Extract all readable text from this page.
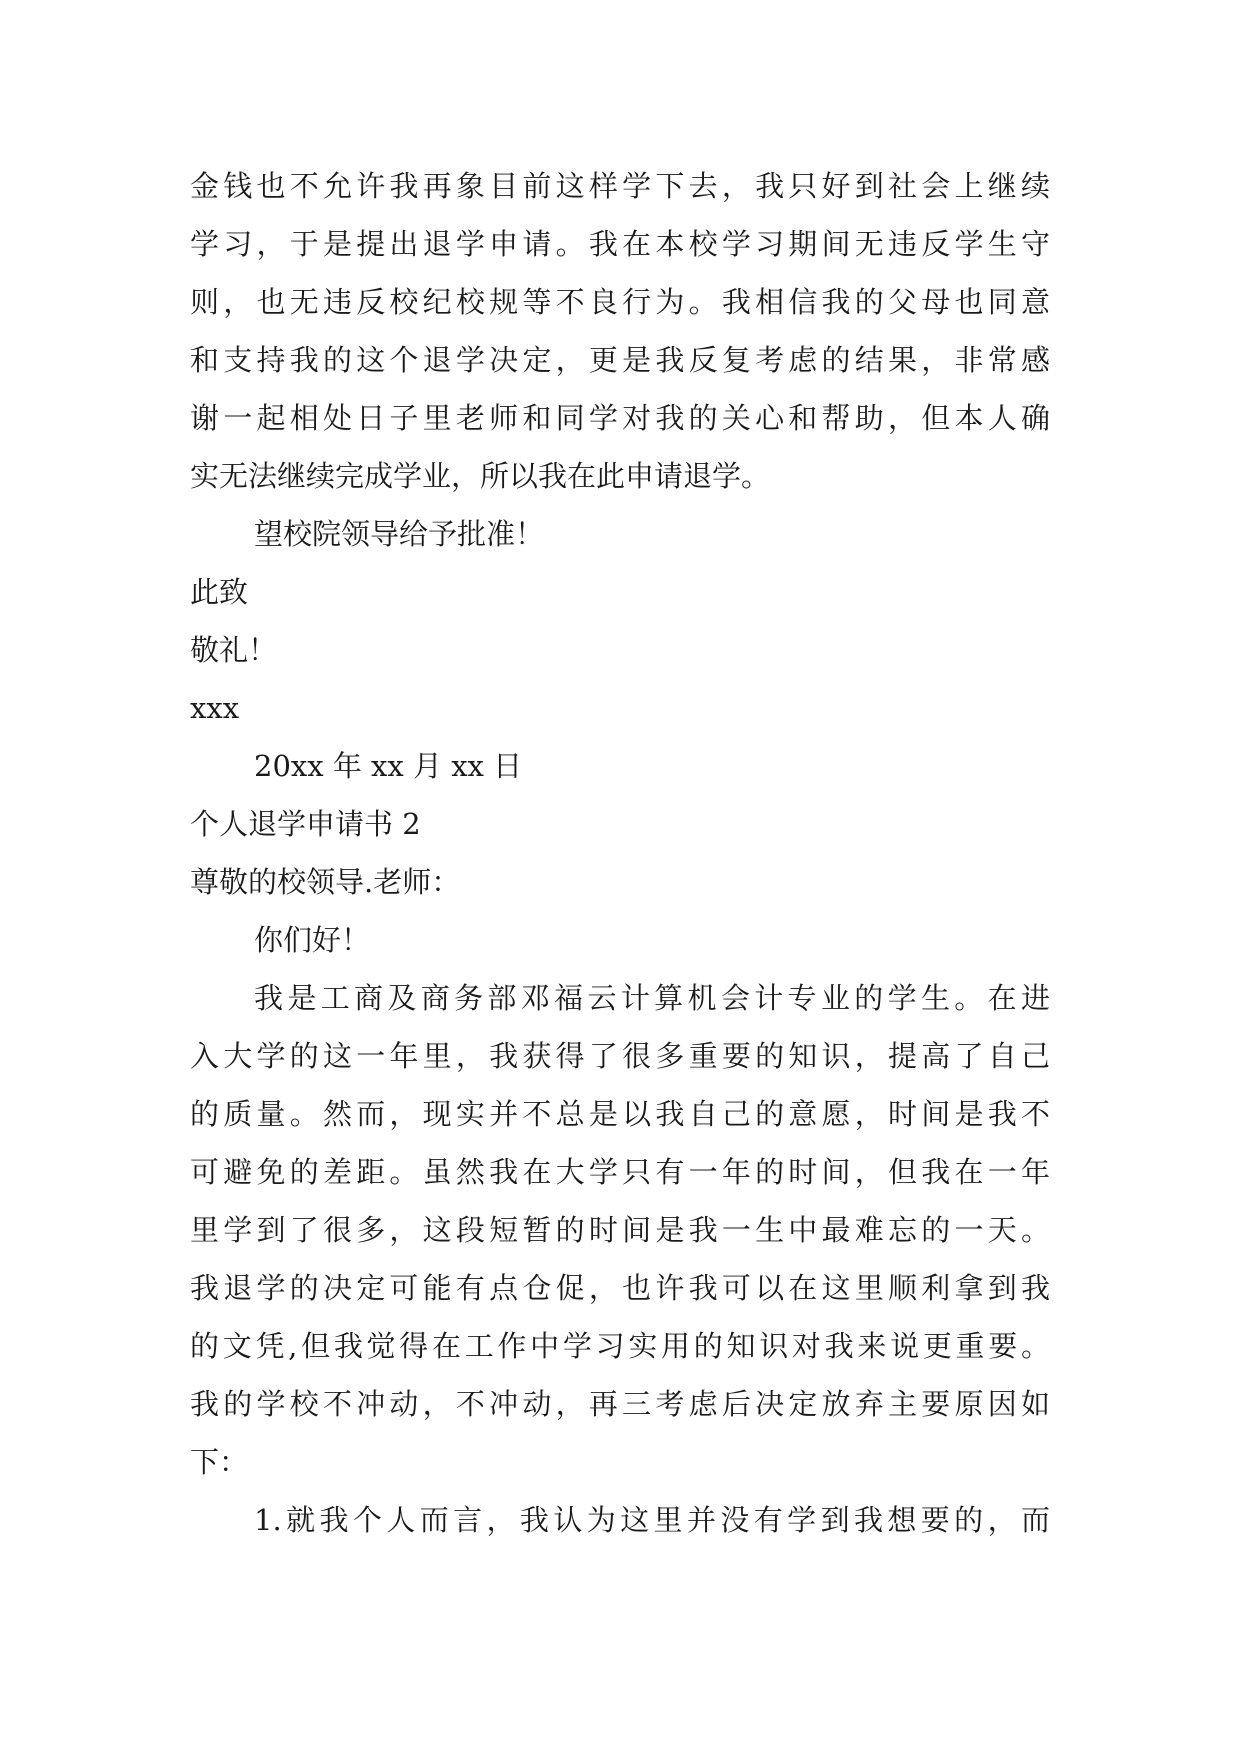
金钱也不允许我再象目前这样学下去，我只好到社会上继续
学习，于是提出退学申请。我在本校学习期间无违反学生守
则，也无违反校纪校规等不良行为。我相信我的父母也同意
和支持我的这个退学决定，更是我反复考虑的结果，非常感
谢一起相处日子里老师和同学对我的关心和帮助，但本人确
实无法继续完成学业，所以我在此申请退学。
望校院领导给予批准！
此致
敬礼！
xxx
20xx 年 xx 月 xx 日
个人退学申请书 2
尊敬的校领导.老师：
你们好！
我是工商及商务部邓福云计算机会计专业的学生。在进
入大学的这一年里，我获得了很多重要的知识，提高了自己
的质量。然而，现实并不总是以我自己的意愿，时间是我不
可避免的差距。虽然我在大学只有一年的时间，但我在一年
里学到了很多，这段短暂的时间是我一生中最难忘的一天。
我退学的决定可能有点仓促，也许我可以在这里顺利拿到我
的文凭,但我觉得在工作中学习实用的知识对我来说更重要。
我的学校不冲动，不冲动，再三考虑后决定放弃主要原因如
下：
1.就我个人而言，我认为这里并没有学到我想要的，而
